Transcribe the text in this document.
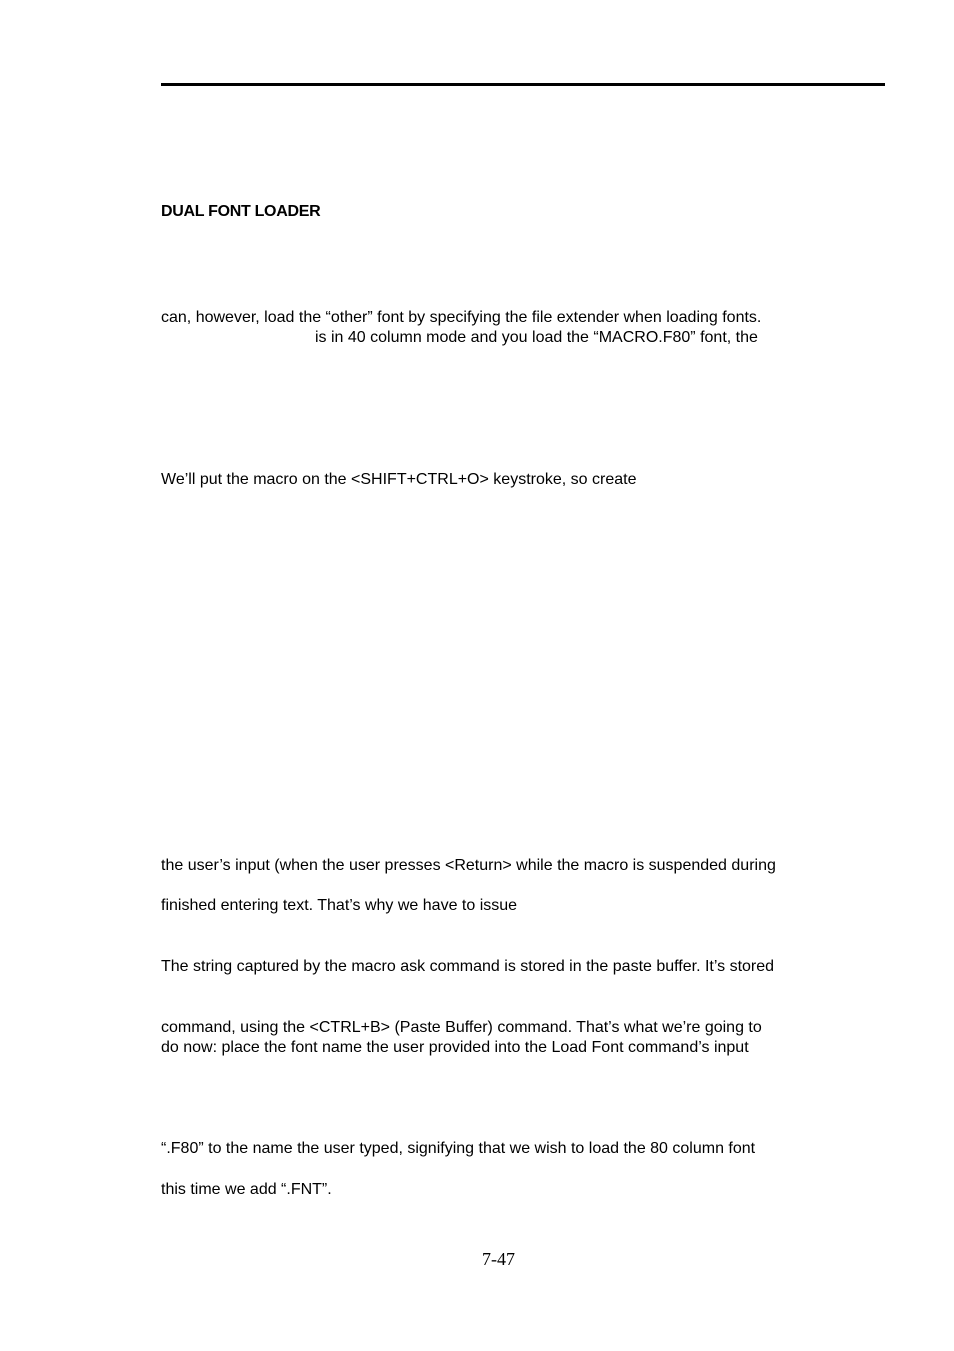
DUAL FONT LOADER
can, however, load the “other” font by specifying the file extender when loading fonts.
is in 40 column mode and you load the “MACRO.F80” font, the
We’ll put the macro on the <SHIFT+CTRL+O> keystroke, so create
the user’s input (when the user presses <Return> while the macro is suspended during
finished entering text. That’s why we have to issue
The string captured by the macro ask command is stored in the paste buffer. It’s stored
command, using the <CTRL+B> (Paste Buffer) command. That’s what we’re going to
do now: place the font name the user provided into the Load Font command’s input
“.F80” to the name the user typed, signifying that we wish to load the 80 column font
this time we add “.FNT”.
7-47
